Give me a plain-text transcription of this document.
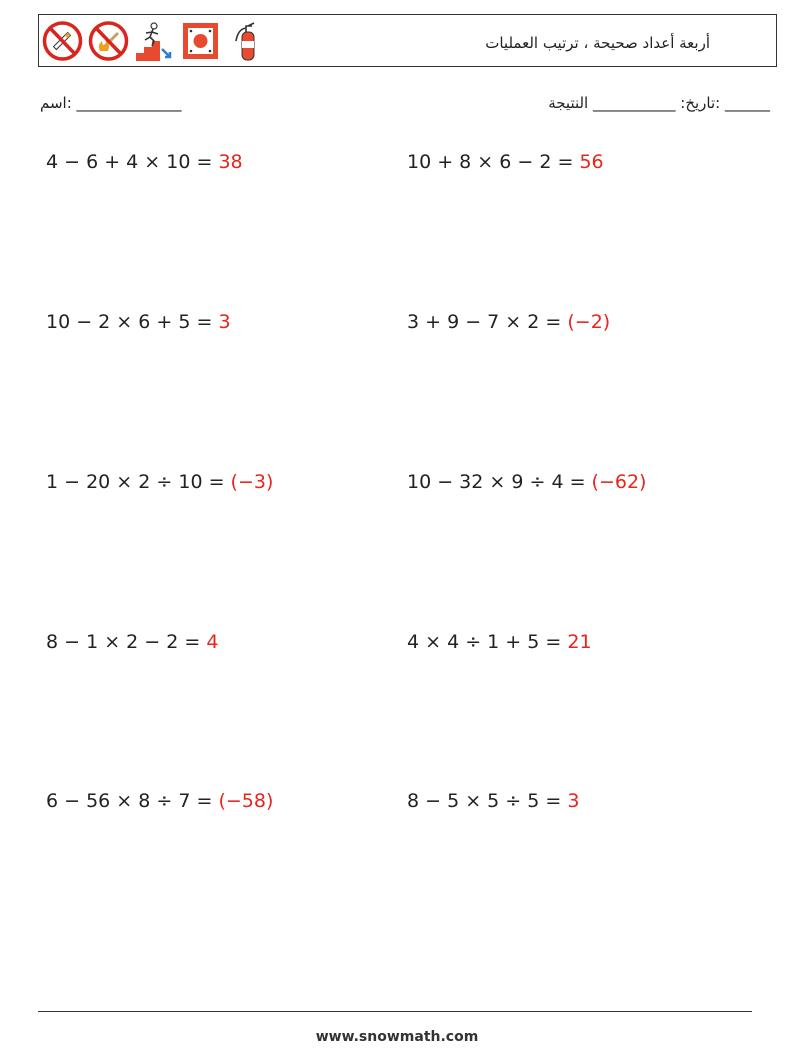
أربعة أعداد صحيحة ، ترتيب العمليات
______ :تاريخ: ___________ النتيجة
______________ :اسم
4 − 6 + 4 × 10 = 38	10 + 8 × 6 − 2 = 56
10 − 2 × 6 + 5 = 3	3 + 9 − 7 × 2 = (−2)
1 − 20 × 2 ÷ 10 = (−3)	10 − 32 × 9 ÷ 4 = (−62)
8 − 1 × 2 − 2 = 4	4 × 4 ÷ 1 + 5 = 21
6 − 56 × 8 ÷ 7 = (−58)	8 − 5 × 5 ÷ 5 = 3
www.snowmath.com
